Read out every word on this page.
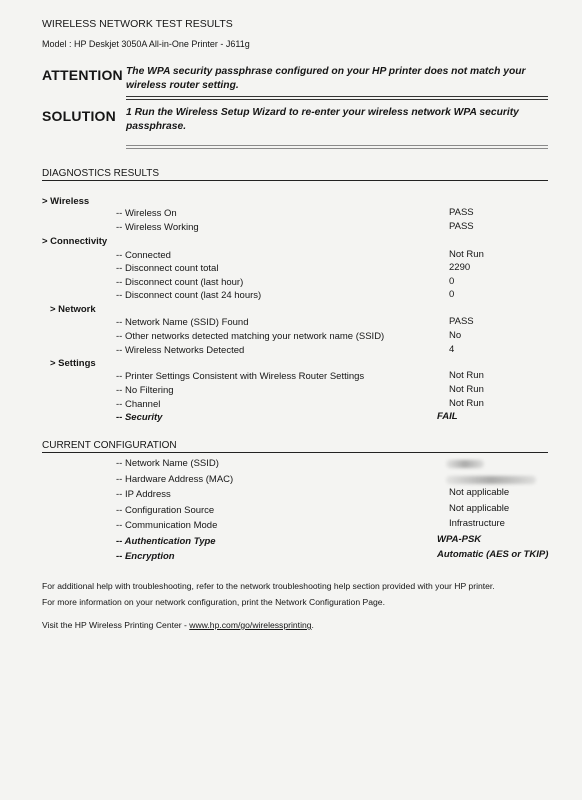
WIRELESS NETWORK TEST RESULTS
Model : HP Deskjet 3050A All-in-One Printer - J611g
ATTENTION The WPA security passphrase configured on your HP printer does not match your wireless router setting.
SOLUTION 1 Run the Wireless Setup Wizard to re-enter your wireless network WPA security passphrase.
DIAGNOSTICS RESULTS
> Wireless
-- Wireless On	PASS
-- Wireless Working	PASS
> Connectivity
-- Connected	Not Run
-- Disconnect count total	2290
-- Disconnect count (last hour)	0
-- Disconnect count (last 24 hours)	0
> Network
-- Network Name (SSID) Found	PASS
-- Other networks detected matching your network name (SSID)	No
-- Wireless Networks Detected	4
> Settings
-- Printer Settings Consistent with Wireless Router Settings	Not Run
-- No Filtering	Not Run
-- Channel	Not Run
-- Security	FAIL
CURRENT CONFIGURATION
-- Network Name (SSID)
-- Hardware Address (MAC)
-- IP Address	Not applicable
-- Configuration Source	Not applicable
-- Communication Mode	Infrastructure
-- Authentication Type	WPA-PSK
-- Encryption	Automatic (AES or TKIP)
For additional help with troubleshooting, refer to the network troubleshooting help section provided with your HP printer.
For more information on your network configuration, print the Network Configuration Page.
Visit the HP Wireless Printing Center - www.hp.com/go/wirelessprinting.
